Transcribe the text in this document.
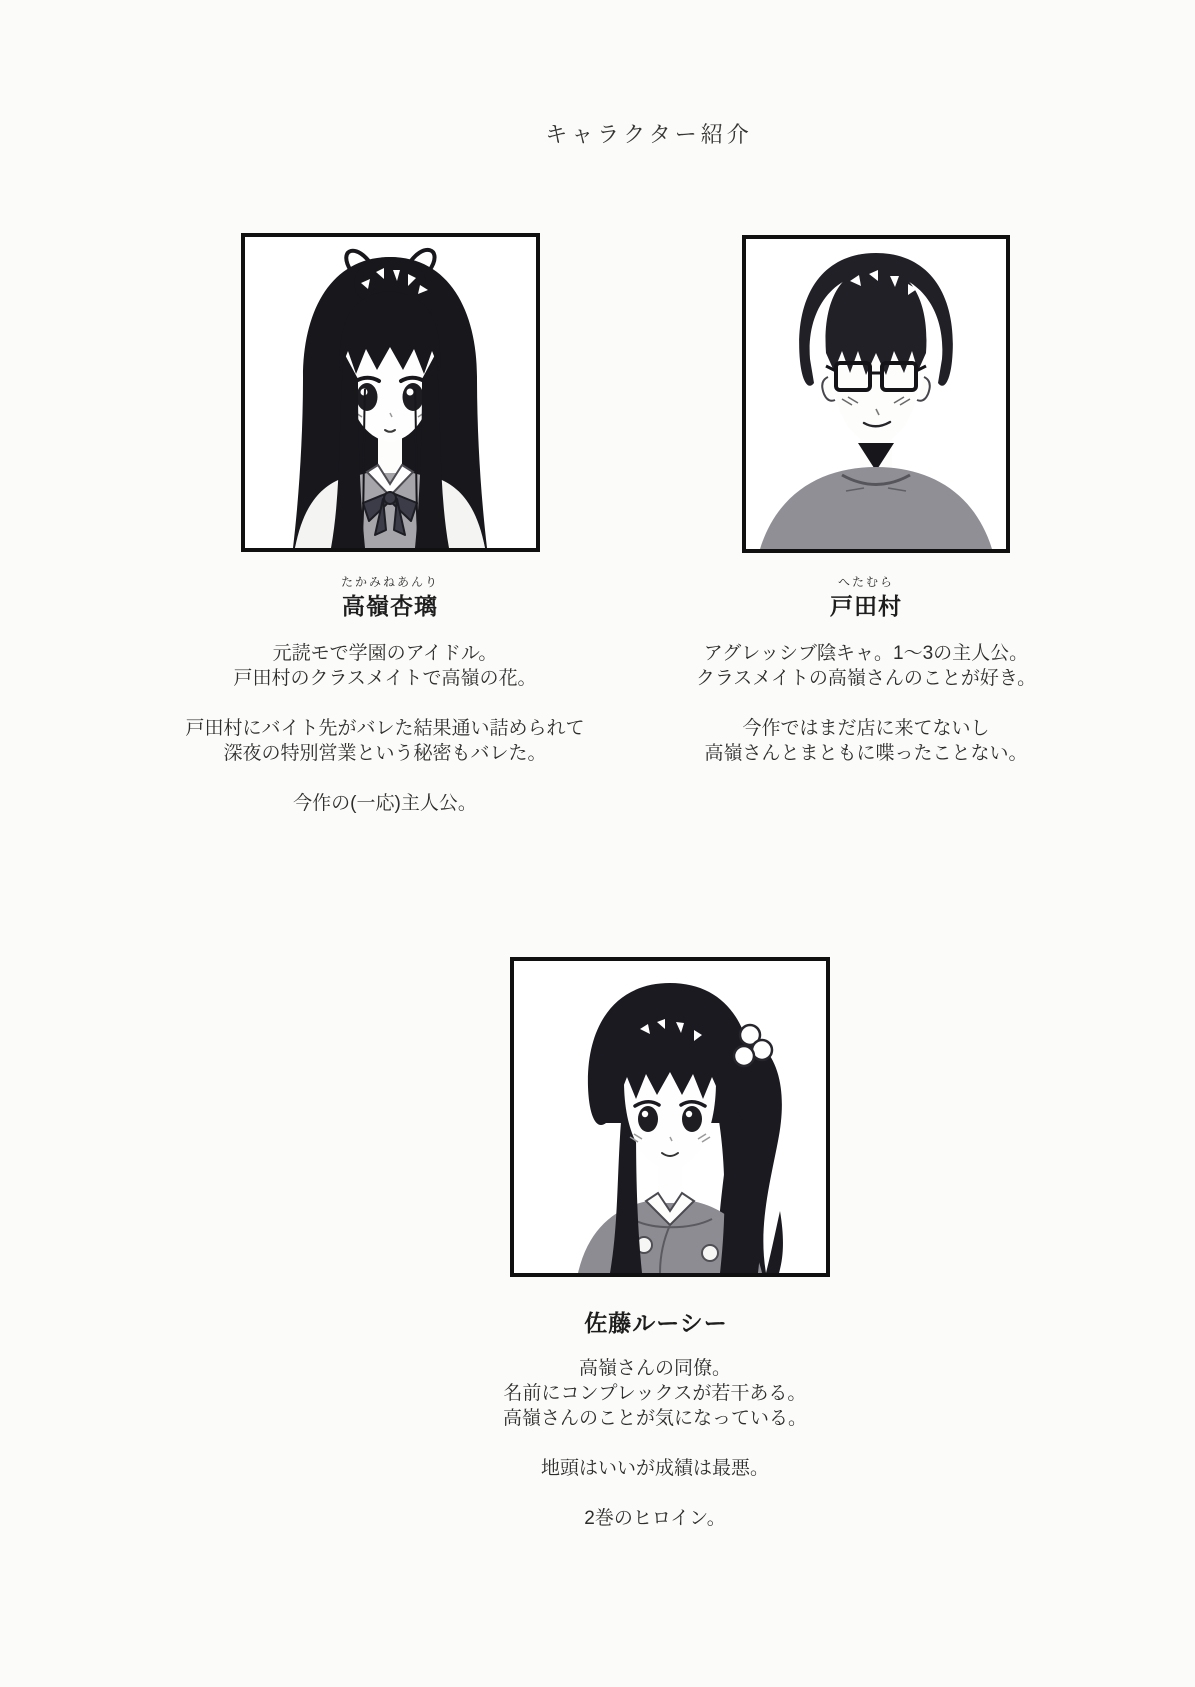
キャラクター紹介
たかみねあんり
高嶺杏璃
元読モで学園のアイドル。
戸田村のクラスメイトで高嶺の花。
戸田村にバイト先がバレた結果通い詰められて
深夜の特別営業という秘密もバレた。
今作の(一応)主人公。
へたむら
戸田村
アグレッシブ陰キャ。1〜3の主人公。
クラスメイトの高嶺さんのことが好き。
今作ではまだ店に来てないし
高嶺さんとまともに喋ったことない。
佐藤ルーシー
高嶺さんの同僚。
名前にコンプレックスが若干ある。
高嶺さんのことが気になっている。
地頭はいいが成績は最悪。
2巻のヒロイン。
